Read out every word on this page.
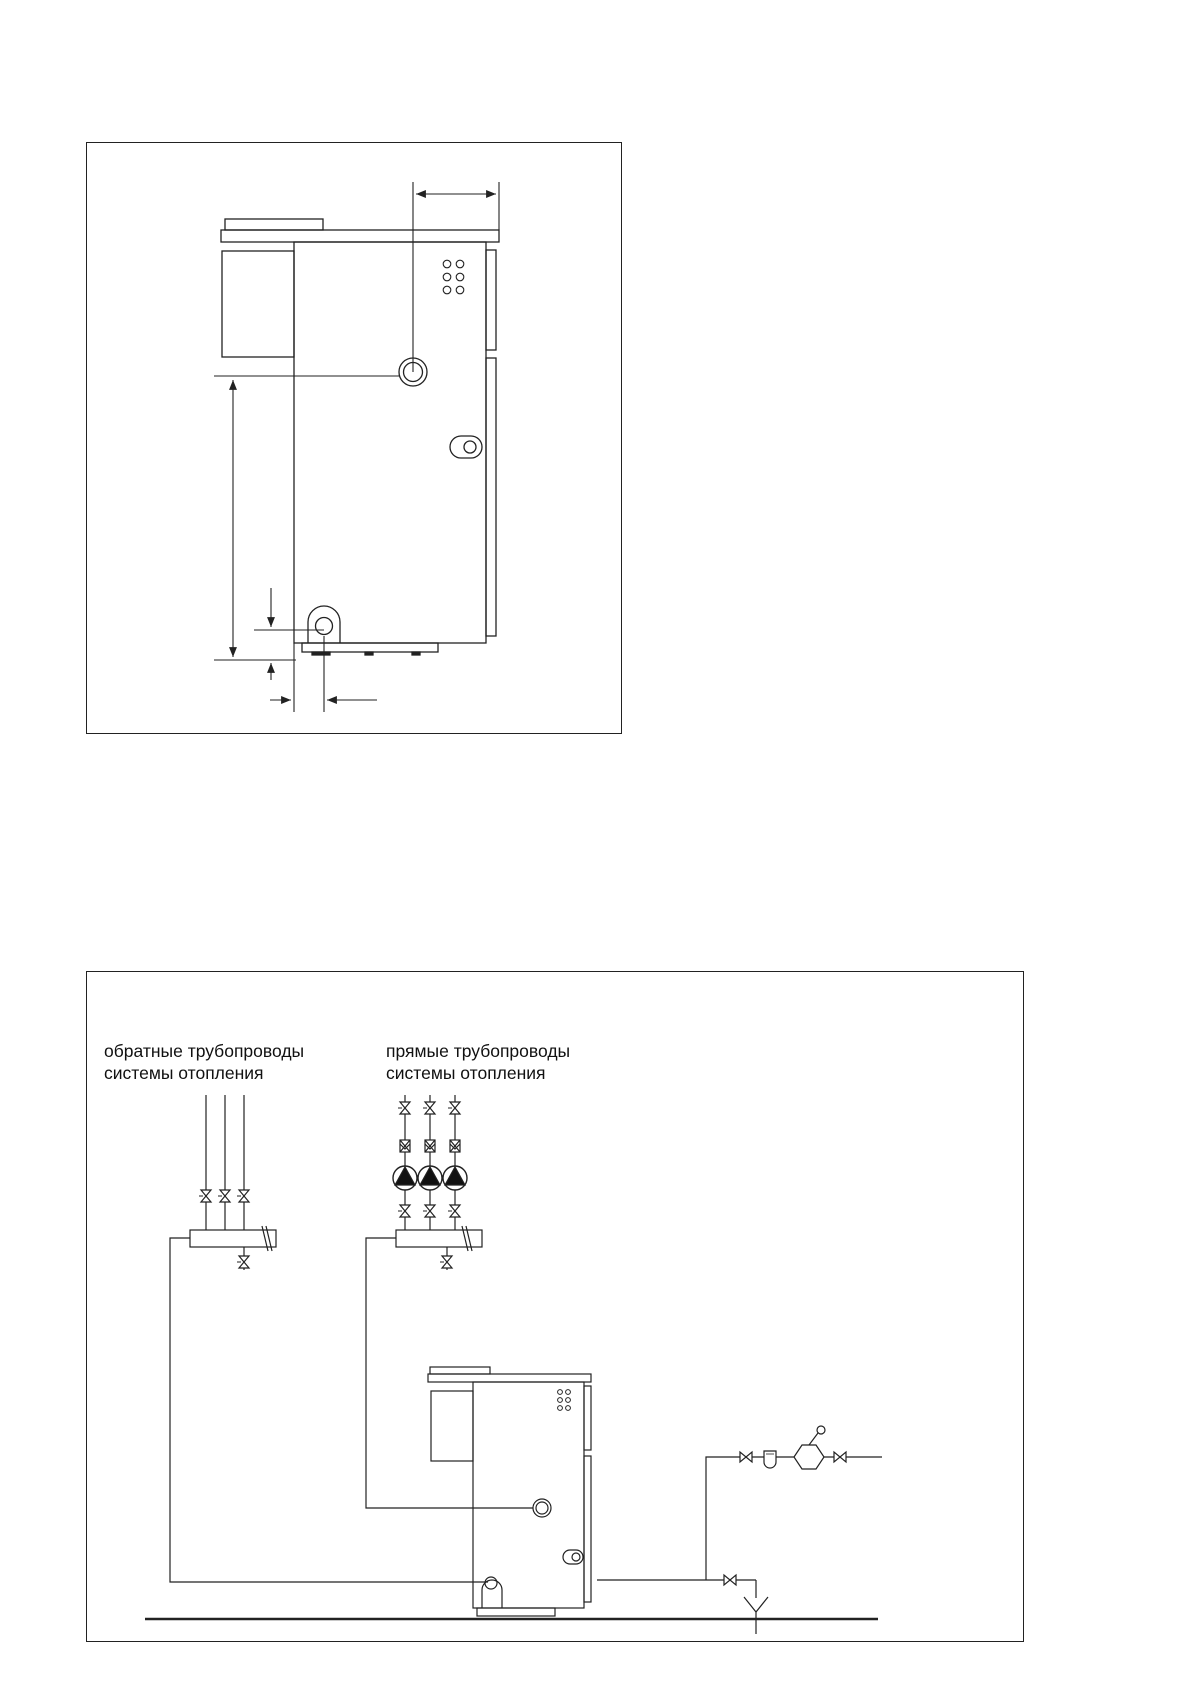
обратные трубопроводы
системы отопления
прямые трубопроводы
системы отопления
